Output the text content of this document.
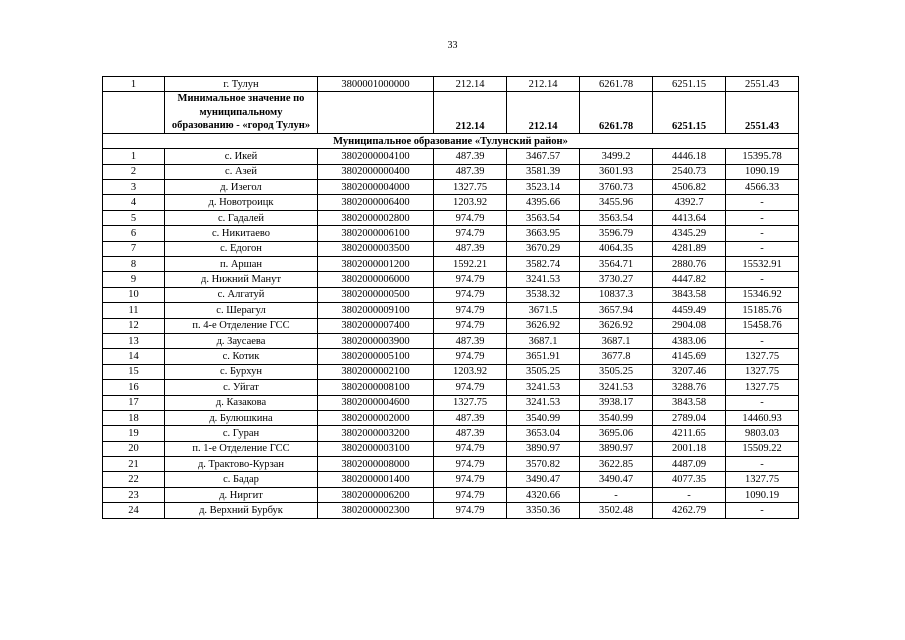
33
1	г. Тулун	3800001000000	212.14	212.14	6261.78	6251.15	2551.43
	Минимальное значение по муниципальному образованию - «город Тулун»		212.14	212.14	6261.78	6251.15	2551.43
Муниципальное образование «Тулунский район»							
1	с. Икей	3802000004100	487.39	3467.57	3499.2	4446.18	15395.78
2	с. Азей	3802000000400	487.39	3581.39	3601.93	2540.73	1090.19
3	д. Изегол	3802000004000	1327.75	3523.14	3760.73	4506.82	4566.33
4	д. Новотроицк	3802000006400	1203.92	4395.66	3455.96	4392.7	-
5	с. Гадалей	3802000002800	974.79	3563.54	3563.54	4413.64	-
6	с. Никитаево	3802000006100	974.79	3663.95	3596.79	4345.29	-
7	с. Едогон	3802000003500	487.39	3670.29	4064.35	4281.89	-
8	п. Аршан	3802000001200	1592.21	3582.74	3564.71	2880.76	15532.91
9	д. Нижний Манут	3802000006000	974.79	3241.53	3730.27	4447.82	-
10	с. Алгатуй	3802000000500	974.79	3538.32	10837.3	3843.58	15346.92
11	с. Шерагул	3802000009100	974.79	3671.5	3657.94	4459.49	15185.76
12	п. 4-е Отделение ГСС	3802000007400	974.79	3626.92	3626.92	2904.08	15458.76
13	д. Заусаева	3802000003900	487.39	3687.1	3687.1	4383.06	-
14	с. Котик	3802000005100	974.79	3651.91	3677.8	4145.69	1327.75
15	с. Бурхун	3802000002100	1203.92	3505.25	3505.25	3207.46	1327.75
16	с. Уйгат	3802000008100	974.79	3241.53	3241.53	3288.76	1327.75
17	д. Казакова	3802000004600	1327.75	3241.53	3938.17	3843.58	-
18	д. Булюшкина	3802000002000	487.39	3540.99	3540.99	2789.04	14460.93
19	с. Гуран	3802000003200	487.39	3653.04	3695.06	4211.65	9803.03
20	п. 1-е Отделение ГСС	3802000003100	974.79	3890.97	3890.97	2001.18	15509.22
21	д. Трактово-Курзан	3802000008000	974.79	3570.82	3622.85	4487.09	-
22	с. Бадар	3802000001400	974.79	3490.47	3490.47	4077.35	1327.75
23	д. Ниргит	3802000006200	974.79	4320.66	-	-	1090.19
24	д. Верхний Бурбук	3802000002300	974.79	3350.36	3502.48	4262.79	-
